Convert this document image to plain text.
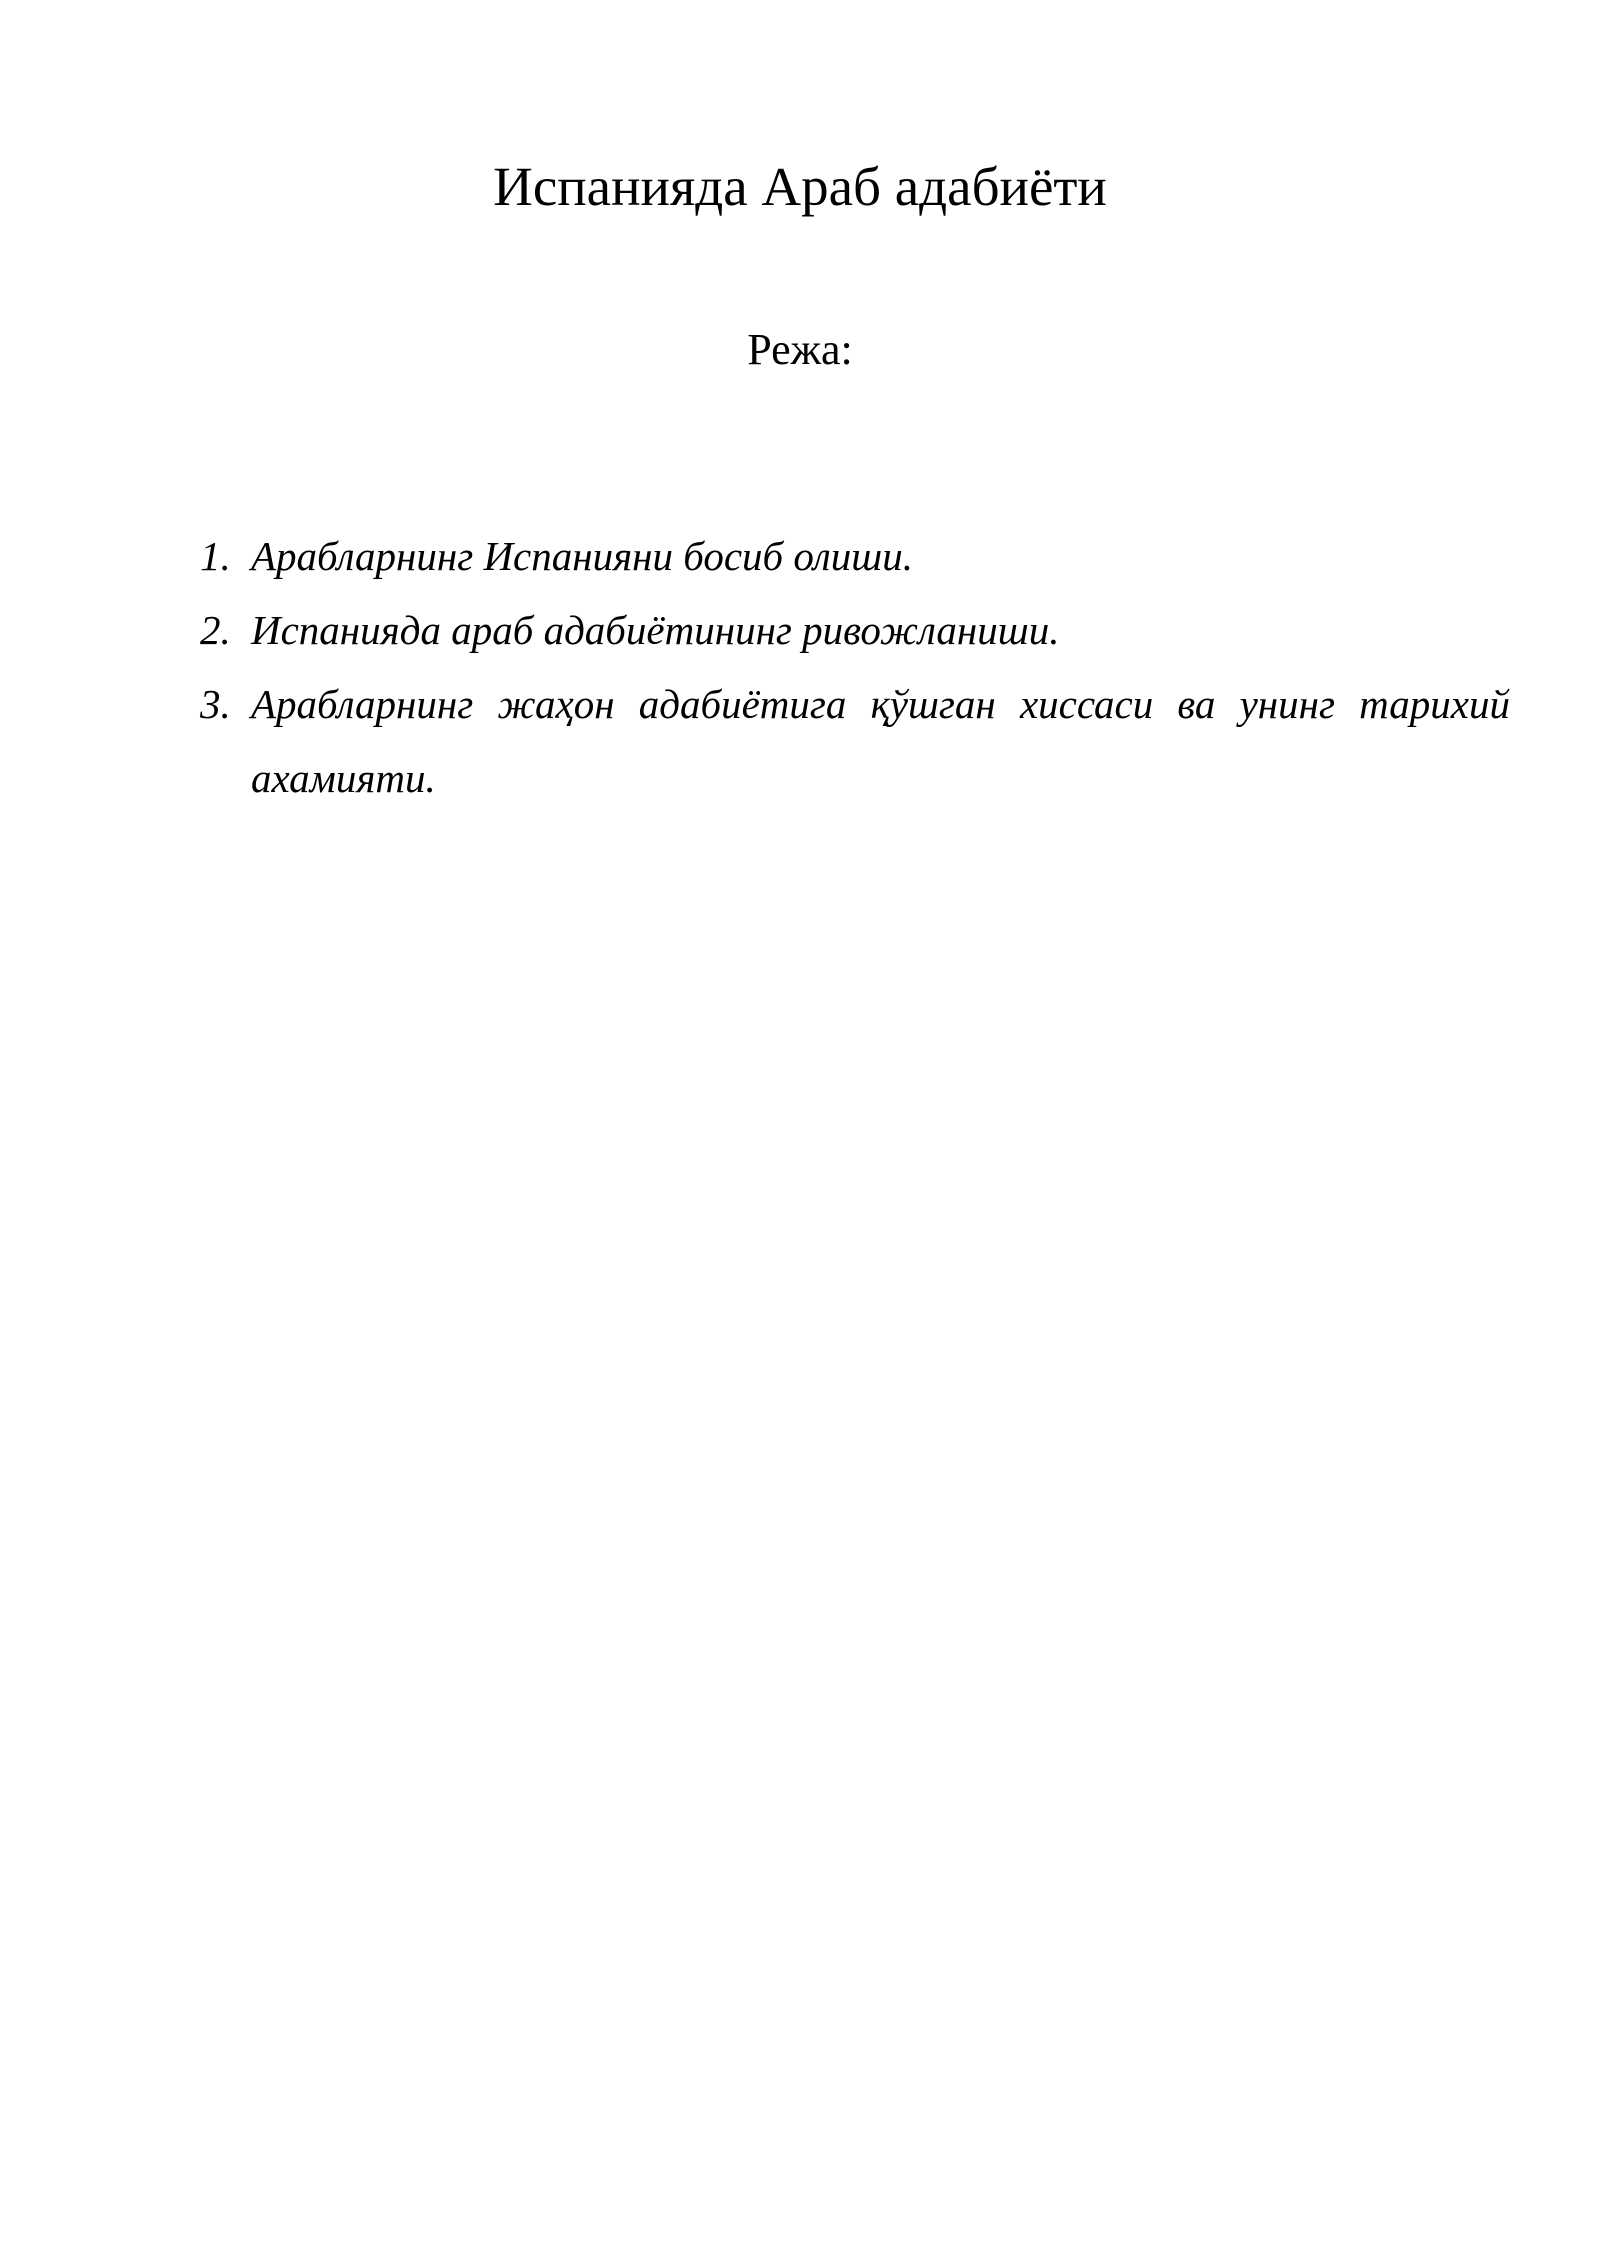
Испанияда Араб адабиёти
Режа:
1. Арабларнинг Испанияни босиб олиши.
2. Испанияда араб адабиётининг ривожланиши.
3. Арабларнинг жаҳон адабиётига қўшган хиссаси ва унинг тарихий ахамияти.
